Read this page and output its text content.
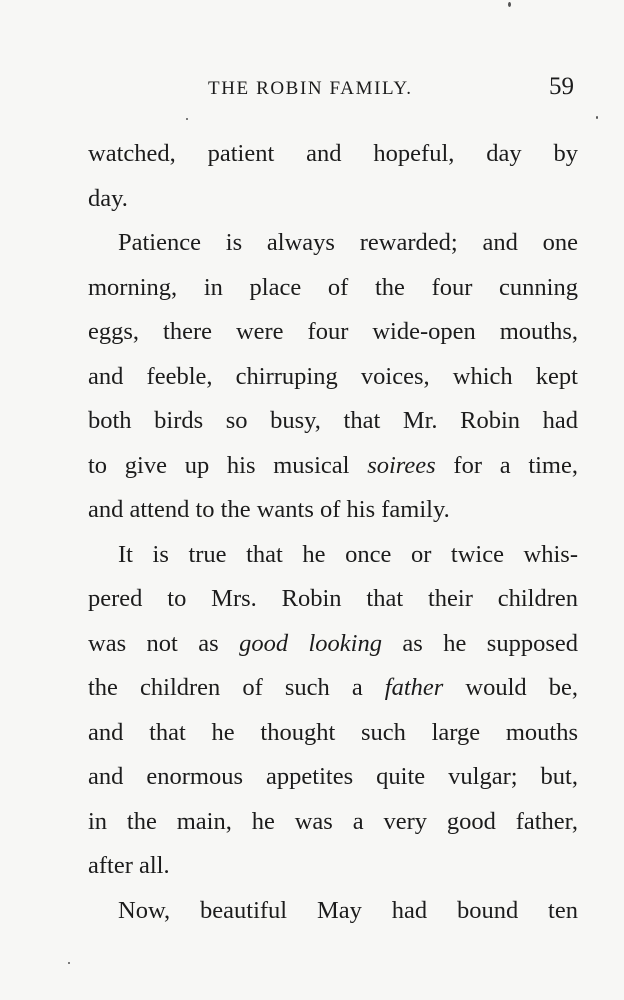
THE ROBIN FAMILY.	59
watched, patient and hopeful, day by
day.
Patience is always rewarded; and one
morning, in place of the four cunning
eggs, there were four wide-open mouths,
and feeble, chirruping voices, which kept
both birds so busy, that Mr. Robin had
to give up his musical soirees for a time,
and attend to the wants of his family.
It is true that he once or twice whis-
pered to Mrs. Robin that their children
was not as good looking as he supposed
the children of such a father would be,
and that he thought such large mouths
and enormous appetites quite vulgar; but,
in the main, he was a very good father,
after all.
Now, beautiful May had bound ten
